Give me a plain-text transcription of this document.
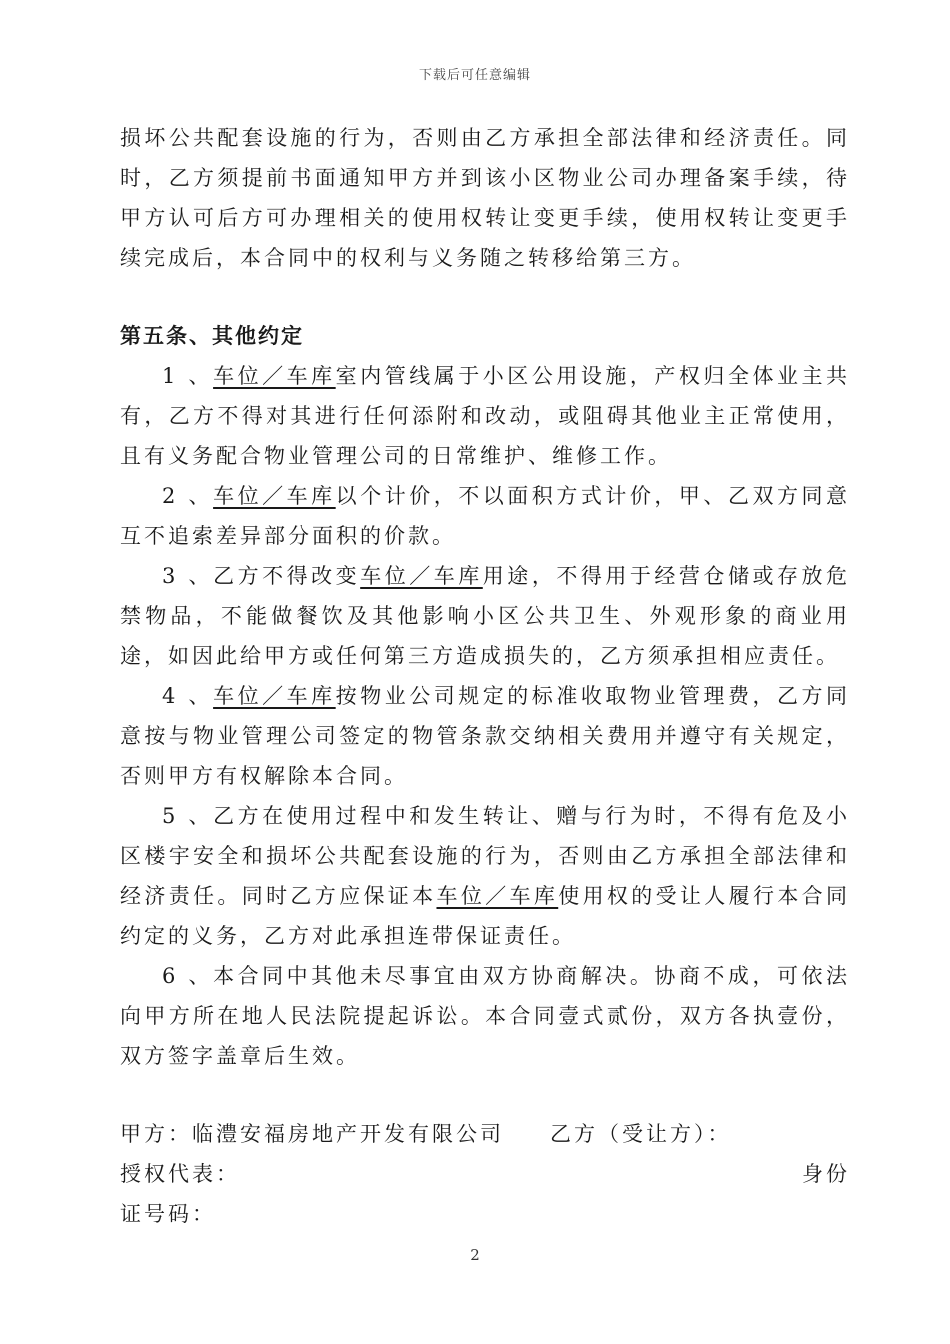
下载后可任意编辑

损坏公共配套设施的行为，否则由乙方承担全部法律和经济责任。同时，乙方须提前书面通知甲方并到该小区物业公司办理备案手续，待甲方认可后方可办理相关的使用权转让变更手续，使用权转让变更手续完成后，本合同中的权利与义务随之转移给第三方。

第五条、其他约定

1 、车位／车库室内管线属于小区公用设施，产权归全体业主共有，乙方不得对其进行任何添附和改动，或阻碍其他业主正常使用，且有义务配合物业管理公司的日常维护、维修工作。

2 、车位／车库以个计价，不以面积方式计价，甲、乙双方同意互不追索差异部分面积的价款。

3 、乙方不得改变车位／车库用途，不得用于经营仓储或存放危禁物品，不能做餐饮及其他影响小区公共卫生、外观形象的商业用途，如因此给甲方或任何第三方造成损失的，乙方须承担相应责任。

4 、车位／车库按物业公司规定的标准收取物业管理费，乙方同意按与物业管理公司签定的物管条款交纳相关费用并遵守有关规定，否则甲方有权解除本合同。

5 、乙方在使用过程中和发生转让、赠与行为时，不得有危及小区楼宇安全和损坏公共配套设施的行为，否则由乙方承担全部法律和经济责任。同时乙方应保证本车位／车库使用权的受让人履行本合同约定的义务，乙方对此承担连带保证责任。

6 、本合同中其他未尽事宜由双方协商解决。协商不成，可依法向甲方所在地人民法院提起诉讼。本合同壹式贰份，双方各执壹份，双方签字盖章后生效。

甲方：临澧安福房地产开发有限公司	乙方（受让方）：
授权代表：	身份
证号码：
2
